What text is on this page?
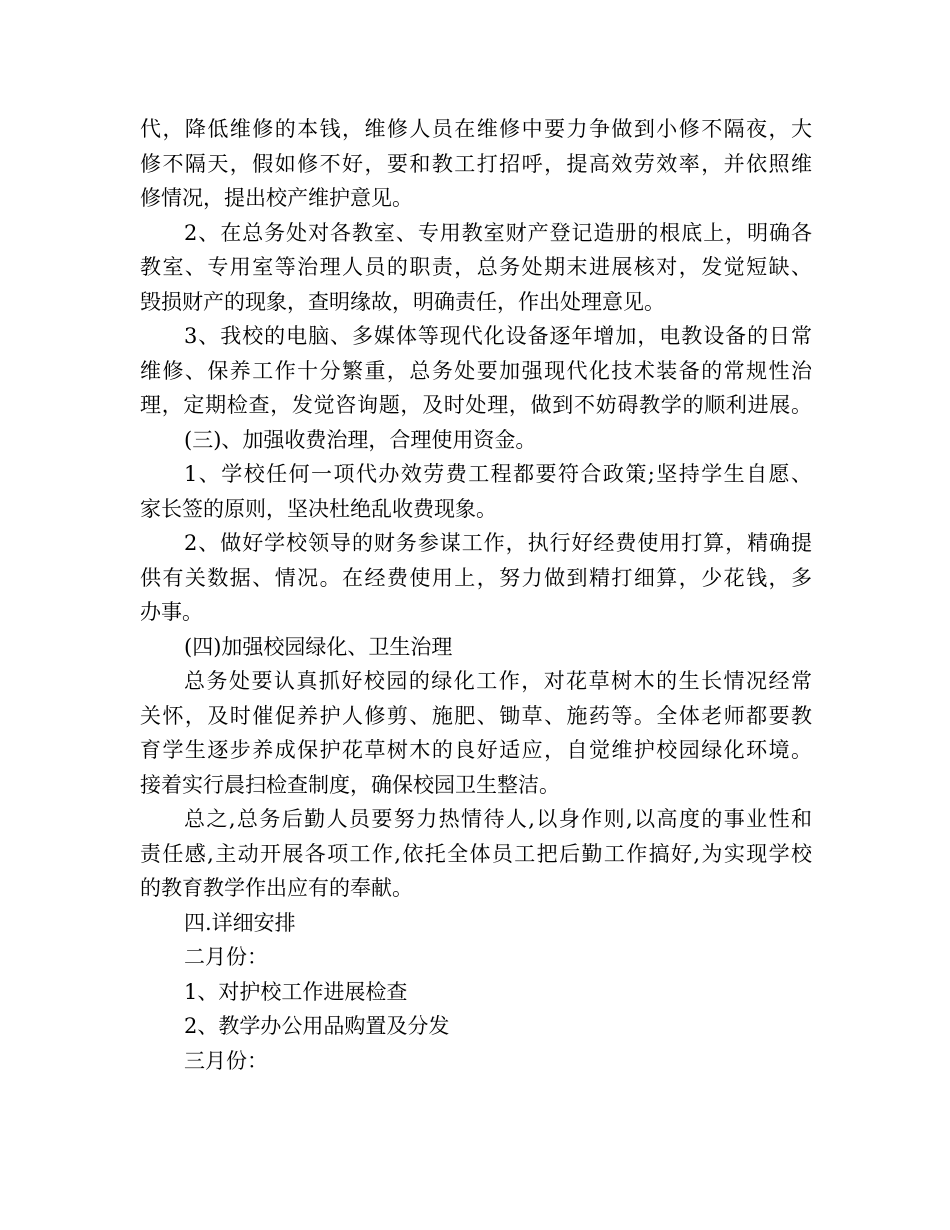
代，降低维修的本钱，维修人员在维修中要力争做到小修不隔夜，大
修不隔天，假如修不好，要和教工打招呼，提高效劳效率，并依照维
修情况，提出校产维护意见。
2、在总务处对各教室、专用教室财产登记造册的根底上，明确各
教室、专用室等治理人员的职责，总务处期末进展核对，发觉短缺、
毁损财产的现象，查明缘故，明确责任，作出处理意见。
3、我校的电脑、多媒体等现代化设备逐年增加，电教设备的日常
维修、保养工作十分繁重，总务处要加强现代化技术装备的常规性治
理，定期检查，发觉咨询题，及时处理，做到不妨碍教学的顺利进展。
(三)、加强收费治理，合理使用资金。
1、学校任何一项代办效劳费工程都要符合政策;坚持学生自愿、
家长签的原则，坚决杜绝乱收费现象。
2、做好学校领导的财务参谋工作，执行好经费使用打算，精确提
供有关数据、情况。在经费使用上，努力做到精打细算，少花钱，多
办事。
(四)加强校园绿化、卫生治理
总务处要认真抓好校园的绿化工作，对花草树木的生长情况经常
关怀，及时催促养护人修剪、施肥、锄草、施药等。全体老师都要教
育学生逐步养成保护花草树木的良好适应，自觉维护校园绿化环境。
接着实行晨扫检查制度，确保校园卫生整洁。
总之,总务后勤人员要努力热情待人,以身作则,以高度的事业性和
责任感,主动开展各项工作,依托全体员工把后勤工作搞好,为实现学校
的教育教学作出应有的奉献。
四.详细安排
二月份：
1、对护校工作进展检查
2、教学办公用品购置及分发
三月份：
